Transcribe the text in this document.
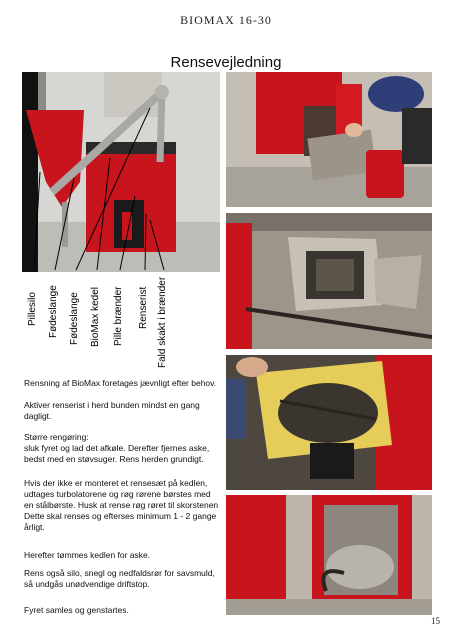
BIOMAX 16-30
Rensevejledning
Pillesilo Fødeslange Fødeslange BioMax kedel Pille brænder Renserist Fald skakt i brænder
Rensning af BioMax foretages jævnligt efter behov.
Aktiver renserist i herd bunden mindst en gang dagligt.
Større rengøring:
sluk fyret og lad det afkøle. Derefter fjernes aske, bedst med en støvsuger. Rens herden grundigt.
Hvis der ikke er monteret et rensesæt på kedlen, udtages turbolatorene og røg rørene børstes med en stålbørste. Husk at rense røg røret til skorstenen Dette skal renses og efterses minimum 1 - 2 gange årligt.
Herefter tømmes kedlen for aske.
Rens også silo, snegl og nedfaldsrør for savsmuld, så undgås unødvendige driftstop.
Fyret samles og genstartes.
15
